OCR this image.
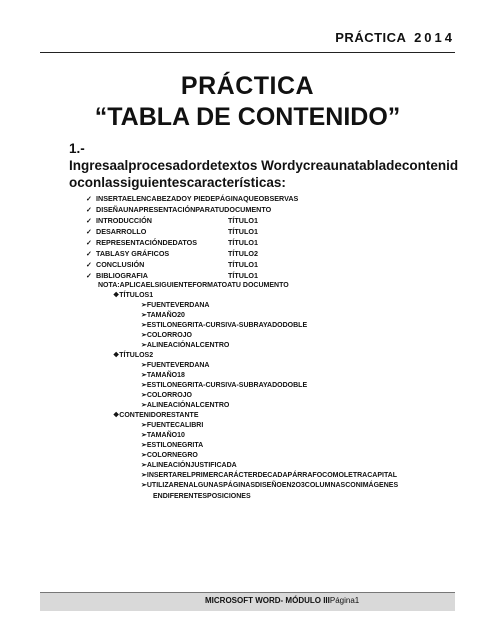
PRÁCTICA 2014
PRÁCTICA
“TABLA DE CONTENIDO”
1.-
Ingresaalprocesadordetextos Wordycreaunatabladecontenidoconlassiguientescaracterísticas:
✓ INSERTAELENCABEZADOY PIEDEPÁGINAQUEOBSERVAS
✓ DISEÑAUNAPRESENTACIÓNPARATUDOCUMENTO
✓ INTRODUCCIÓN	TÍTULO1
✓ DESARROLLO	TÍTULO1
✓ REPRESENTACIÓNDEDATOS	TÍTULO1
✓ TABLASY GRÁFICOS	TÍTULO2
✓ CONCLUSIÓN	TÍTULO1
✓ BIBLIOGRAFIA	TÍTULO1
NOTA:APLICAELSIGUIENTEFORMATOATU DOCUMENTO
❖TÍTULOS1
➢FUENTEVERDANA
➢TAMAÑO20
➢ESTILONEGRITA-CURSIVA-SUBRAYADODOBLE
➢COLORROJO
➢ALINEACIÓNALCENTRO
❖TÍTULOS2
➢FUENTEVERDANA
➢TAMAÑO18
➢ESTILONEGRITA-CURSIVA-SUBRAYADODOBLE
➢COLORROJO
➢ALINEACIÓNALCENTRO
❖CONTENIDORESTANTE
➢FUENTECALIBRI
➢TAMAÑO10
➢ESTILONEGRITA
➢COLORNEGRO
➢ALINEACIÓNJUSTIFICADA
➢INSERTARELPRIMERCARÁCTERDECADAPÁRRAFOCOMOLETRACAPITAL
➢UTILIZARENALGUNASPÁGINASDISEÑOEN2O3COLUMNASCONIMÁGENES
ENDIFERENTESPOSICIONES
MICROSOFT WORD- MÓDULO IIIPágina1
